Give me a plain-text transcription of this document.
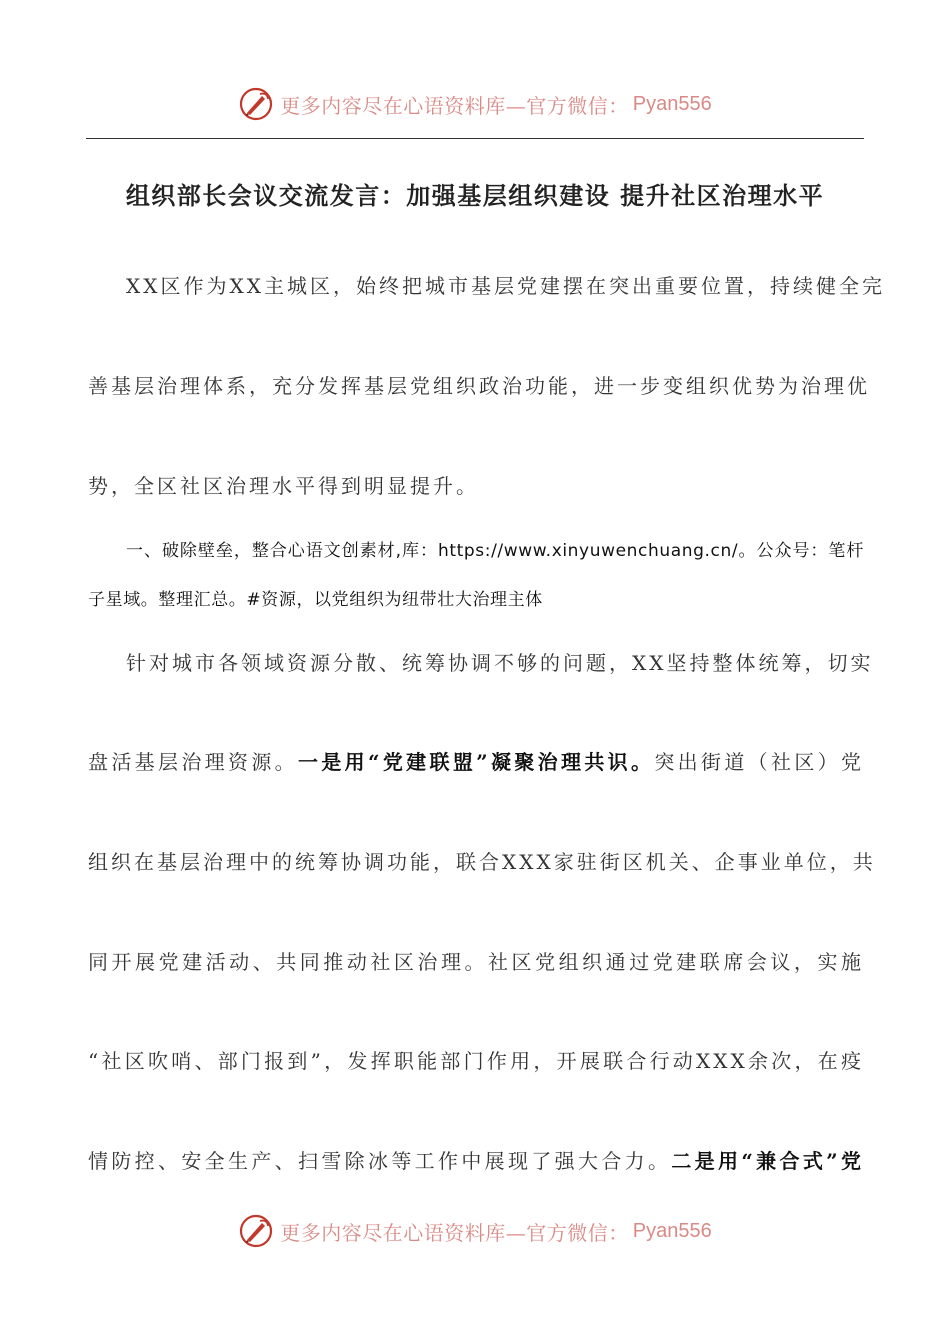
更多内容尽在心语资料库—官方微信： Pyan556
组织部长会议交流发言：加强基层组织建设 提升社区治理水平
XX区作为XX主城区，始终把城市基层党建摆在突出重要位置，持续健全完
善基层治理体系，充分发挥基层党组织政治功能，进一步变组织优势为治理优
势，全区社区治理水平得到明显提升。
一、破除壁垒，整合心语文创素材,库：https://www.xinyuwenchuang.cn/。公众号：笔杆
子星域。整理汇总。#资源，以党组织为纽带壮大治理主体
针对城市各领域资源分散、统筹协调不够的问题，XX坚持整体统筹，切实
盘活基层治理资源。一是用“党建联盟”凝聚治理共识。突出街道（社区）党
组织在基层治理中的统筹协调功能，联合XXX家驻街区机关、企事业单位，共
同开展党建活动、共同推动社区治理。社区党组织通过党建联席会议，实施
“社区吹哨、部门报到”，发挥职能部门作用，开展联合行动XXX余次，在疫
情防控、安全生产、扫雪除冰等工作中展现了强大合力。二是用“兼合式”党
更多内容尽在心语资料库—官方微信： Pyan556
